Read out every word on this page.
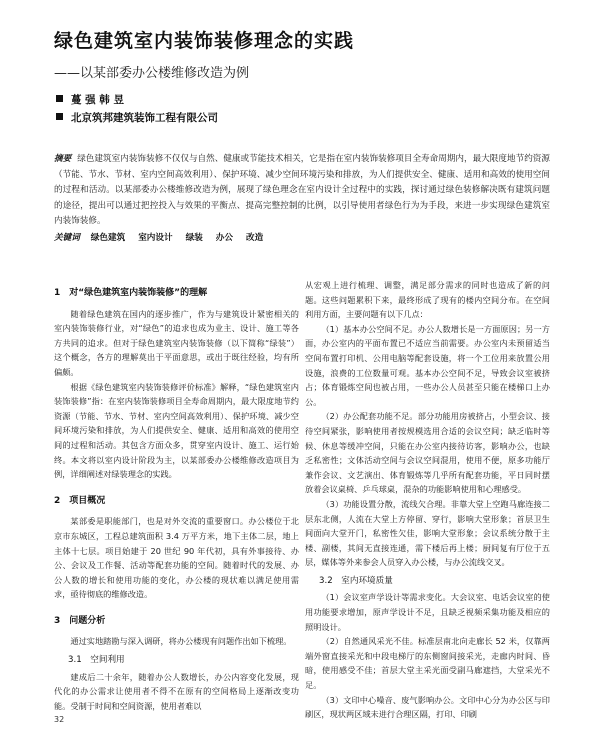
绿色建筑室内装饰装修理念的实践
——以某部委办公楼维修改造为例
蔓 强 韩 昱
北京筑邦建筑装饰工程有限公司
摘要 绿色建筑室内装饰装修不仅仅与自然、健康或节能技术相关，它是指在室内装饰装修项目全寿命周期内，最大限度地节约资源（节能、节水、节材、室内空间高效利用）、保护环境、减少空间环境污染和排放，为人们提供安全、健康、适用和高效的使用空间的过程和活动。以某部委办公楼维修改造为例，展现了绿色理念在室内设计全过程中的实践，探讨通过绿色装修解决既有建筑问题的途径，提出可以通过把控投入与效果的平衡点、提高完整控制的比例，以引导使用者绿色行为为手段，来进一步实现绿色建筑室内装饰装修。
关键词 绿色建筑 室内设计 绿装 办公 改造
1　对“绿色建筑室内装饰装修”的理解

随着绿色建筑在国内的逐步推广，作为与建筑设计紧密相关的室内装饰装修行业，对“绿色”的追求也成为业主、设计、施工等各方共同的追求。但对于绿色建筑室内装饰装修（以下简称“绿装”）这个概念，各方的理解莫出于平面意思，或出于既往经验，均有所偏颇。

根据《绿色建筑室内装饰装修评价标准》解释，“绿色建筑室内装饰装修”指：在室内装饰装修项目全寿命周期内，最大限度地节约资源（节能、节水、节材、室内空间高效利用）、保护环境、减少空间环境污染和排放，为人们提供安全、健康、适用和高效的使用空间的过程和活动。其包含方面众多，贯穿室内设计、施工、运行始终。本文将以室内设计阶段为主，以某部委办公楼维修改造项目为例，详细阐述对绿装理念的实践。

2　项目概况

某部委是职能部门，也是对外交流的重要窗口。办公楼位于北京市东城区，工程总建筑面积 3.4 万平方米，地下主体二层，地上主体十七层。项目始建于 20 世纪 90 年代初，具有外事接待、办公、会议及工作餐、活动等配套功能的空间。随着时代的发展、办公人数的增长和使用功能的变化，办公楼的现状难以满足使用需求，亟待彻底的维修改造。

3　问题分析

通过实地踏勘与深入调研，将办公楼现有问题作出如下梳理。

3.1　空间利用

建成后二十余年，随着办公人数增长，办公内容变化发展，现代化的办公需求让使用者不得不在原有的空间格局上逐渐改变功能。受制于时间和空间资源，使用者难以

32

从宏观上进行梳理、调整，满足部分需求的同时也造成了新的问题。这些问题累积下来，最终形成了现有的楼内空间分布。在空间利用方面，主要问题有以下几点：

（1）基本办公空间不足。办公人数增长是一方面原因；另一方面，办公室内的平面布置已不适应当前需要。办公室内未预留适当空间布置打印机、公用电脑等配套设施，将一个工位用来放置公用设施，浪费的工位数量可观。基本办公空间不足，导致会议室被挤占；体育锻炼空间也被占用，一些办公人员甚至只能在楼梯口上办公。

（2）办公配套功能不足。部分功能用房被挤占，小型会议、接待空间紧张，影响使用者按规模选用合适的会议空间；缺乏临时等候、休息等缓冲空间，只能在办公室内接待访客，影响办公，也缺乏私密性；文体活动空间与会议空间混用，使用不便，原多功能厅兼作会议、文艺演出、体育锻炼等几乎所有配套功能，平日同时摆放着会议桌椅、乒乓球桌，混杂的功能影响使用和心理感受。

（3）功能设置分散，流线欠合理。非靠大堂上空跑马廊连接二层东北侧，人流在大堂上方停留、穿行，影响大堂形象；首层卫生间面向大堂开门，私密性欠佳，影响大堂形象；会议系统分散于主楼、副楼，其间无直接连通，需下楼后再上楼；厨间复有厅位于五层，媒体等外来参会人员穿入办公楼，与办公流线交叉。

3.2　室内环境质量

（1）会议室声学设计等需求变化。大会议室、电话会议室的使用功能要求增加，原声学设计不足，且缺乏视频采集功能及相应的照明设计。

（2）自然通风采光不佳。标准层南北向走廊长 52 米，仅靠两端外窗直接采光和中段电梯厅的东侧窗间接采光，走廊内时间、昏暗，使用感受不佳；首层大堂主采光面受副马廊遮挡，大堂采光不足。

（3）文印中心噪音、废气影响办公。文印中心分为办公区与印刷区，现状两区域未进行合理区隔，打印、印刷
